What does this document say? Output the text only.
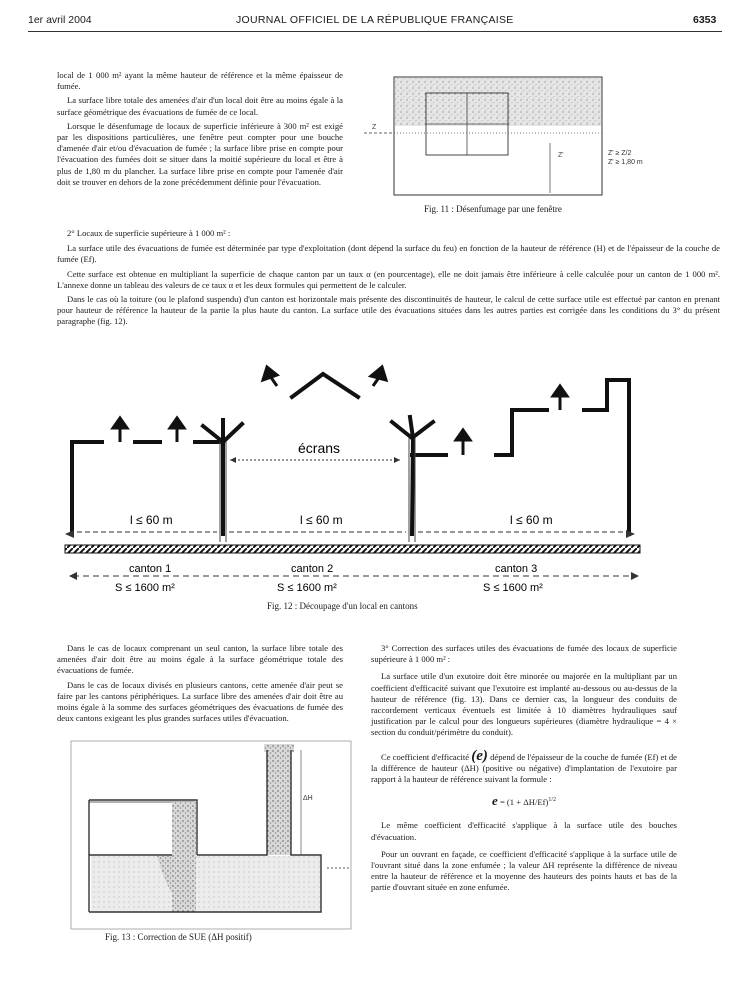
1er avril 2004	JOURNAL OFFICIEL DE LA RÉPUBLIQUE FRANÇAISE	6353

local de 1 000 m² ayant la même hauteur de référence et la même épaisseur de fumée.

La surface libre totale des amenées d'air d'un local doit être au moins égale à la surface géométrique des évacuations de fumée de ce local.

Lorsque le désenfumage de locaux de superficie inférieure à 300 m² est exigé par les dispositions particulières, une fenêtre peut compter pour une bouche d'amenée d'air et/ou d'évacuation de fumée ; la surface libre prise en compte pour l'évacuation des fumées doit se situer dans la moitié supérieure du local et être à plus de 1,80 m du plancher. La surface libre prise en compte pour l'amenée d'air doit se trouver en dehors de la zone précédemment définie pour l'évacuation.

Z
Z'	Z' ≥ Z/2
Z' ≥ 1,80 m
Fig. 11 : Désenfumage par une fenêtre

2° Locaux de superficie supérieure à 1 000 m² :

La surface utile des évacuations de fumée est déterminée par type d'exploitation (dont dépend la surface du feu) en fonction de la hauteur de référence (H) et de l'épaisseur de la couche de fumée (Ef).

Cette surface est obtenue en multipliant la superficie de chaque canton par un taux α (en pourcentage), elle ne doit jamais être inférieure à celle calculée pour un canton de 1 000 m². L'annexe donne un tableau des valeurs de ce taux α et les deux formules qui permettent de le calculer.

Dans le cas où la toiture (ou le plafond suspendu) d'un canton est horizontale mais présente des discontinuités de hauteur, le calcul de cette surface utile est effectué par canton en prenant pour hauteur de référence la hauteur de la partie la plus haute du canton. La surface utile des évacuations situées dans les autres parties est corrigée dans les conditions du 3° du présent paragraphe (fig. 12).

écrans
l ≤ 60 m	l ≤ 60 m	l ≤ 60 m
canton 1	canton 2	canton 3
S ≤ 1600 m²	S ≤ 1600 m²	S ≤ 1600 m²
Fig. 12 : Découpage d'un local en cantons

Dans le cas de locaux comprenant un seul canton, la surface libre totale des amenées d'air doit être au moins égale à la surface géométrique totale des évacuations de fumée.

Dans le cas de locaux divisés en plusieurs cantons, cette amenée d'air peut se faire par les cantons périphériques. La surface libre des amenées d'air doit être au moins égale à la somme des surfaces géométriques des évacuations de fumée des deux cantons exigeant les plus grandes surfaces utiles d'évacuation.

ΔH
Fig. 13 : Correction de SUE (ΔH positif)

3° Correction des surfaces utiles des évacuations de fumée des locaux de superficie supérieure à 1 000 m² :

La surface utile d'un exutoire doit être minorée ou majorée en la multipliant par un coefficient d'efficacité suivant que l'exutoire est implanté au-dessous ou au-dessus de la hauteur de référence (fig. 13). Dans ce dernier cas, la longueur des conduits de raccordement verticaux éventuels est limitée à 10 diamètres hydrauliques sauf justification par le calcul pour des longueurs supérieures (diamètre hydraulique = 4 × section du conduit/périmètre du conduit).

Ce coefficient d'efficacité (e) dépend de l'épaisseur de la couche de fumée (Ef) et de la différence de hauteur (ΔH) (positive ou négative) d'implantation de l'exutoire par rapport à la hauteur de référence suivant la formule :

$e = (1 + \Delta H/Ef)^{1/2}$

Le même coefficient d'efficacité s'applique à la surface utile des bouches d'évacuation.

Pour un ouvrant en façade, ce coefficient d'efficacité s'applique à la surface utile de l'ouvrant situé dans la zone enfumée ; la valeur ΔH représente la différence de niveau entre la hauteur de référence et la moyenne des hauteurs des points hauts et bas de la partie d'ouvrant située en zone enfumée.
